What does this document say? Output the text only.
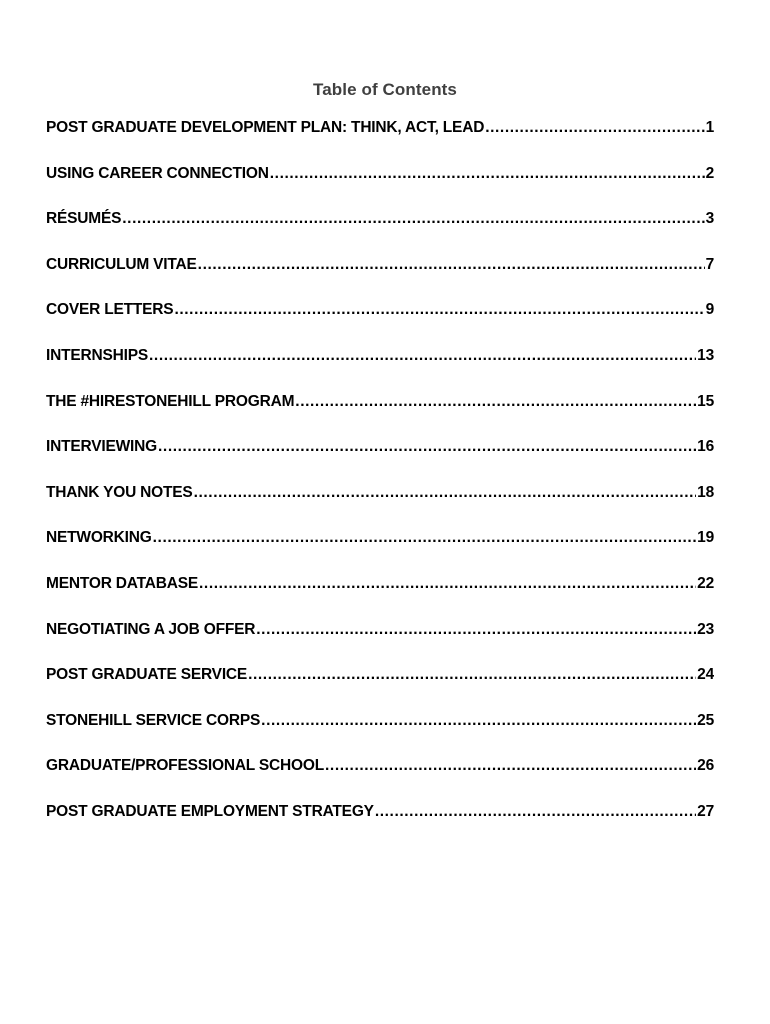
Table of Contents
POST GRADUATE DEVELOPMENT PLAN: THINK, ACT, LEAD .....	1
USING CAREER CONNECTION .....	2
RÉSUMÉS .....	3
CURRICULUM VITAE .....	7
COVER LETTERS .....	9
INTERNSHIPS .....	13
THE #HIRESTONEHILL PROGRAM .....	15
INTERVIEWING .....	16
THANK YOU NOTES .....	18
NETWORKING .....	19
MENTOR DATABASE .....	22
NEGOTIATING A JOB OFFER .....	23
POST GRADUATE SERVICE .....	24
STONEHILL SERVICE CORPS .....	25
GRADUATE/PROFESSIONAL SCHOOL .....	26
POST GRADUATE EMPLOYMENT STRATEGY .....	27
